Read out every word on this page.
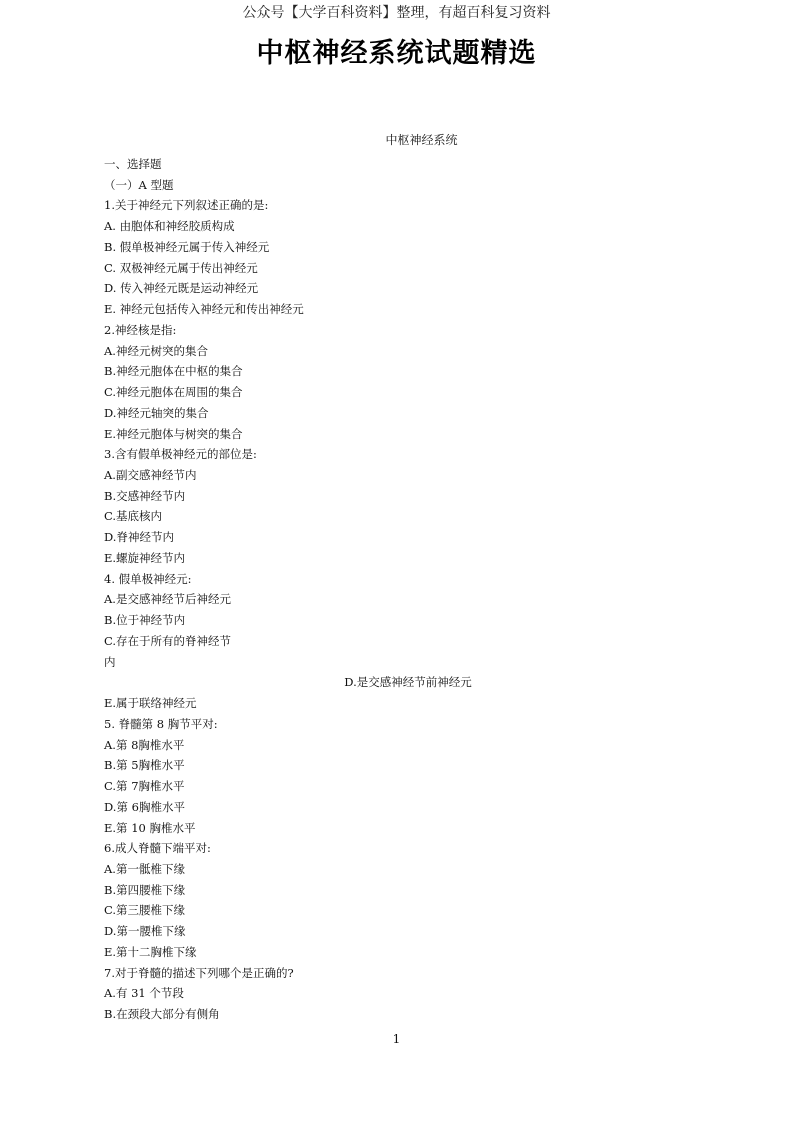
公众号【大学百科资料】整理，有超百科复习资料
中枢神经系统试题精选
中枢神经系统
一、选择题
（一）A 型题
1.关于神经元下列叙述正确的是:
A. 由胞体和神经胶质构成
B. 假单极神经元属于传入神经元
C. 双极神经元属于传出神经元
D. 传入神经元既是运动神经元
E. 神经元包括传入神经元和传出神经元
2.神经核是指:
A.神经元树突的集合
B.神经元胞体在中枢的集合
C.神经元胞体在周围的集合
D.神经元轴突的集合
E.神经元胞体与树突的集合
3.含有假单极神经元的部位是:
A.副交感神经节内
B.交感神经节内
C.基底核内
D.脊神经节内
E.螺旋神经节内
4. 假单极神经元:
A.是交感神经节后神经元
B.位于神经节内
C.存在于所有的脊神经节
内
D.是交感神经节前神经元
E.属于联络神经元
5. 脊髓第 8 胸节平对:
A.第 8胸椎水平
B.第 5胸椎水平
C.第 7胸椎水平
D.第 6胸椎水平
E.第 10 胸椎水平
6.成人脊髓下端平对:
A.第一骶椎下缘
B.第四腰椎下缘
C.第三腰椎下缘
D.第一腰椎下缘
E.第十二胸椎下缘
7.对于脊髓的描述下列哪个是正确的?
A.有 31 个节段
B.在颈段大部分有侧角
1
